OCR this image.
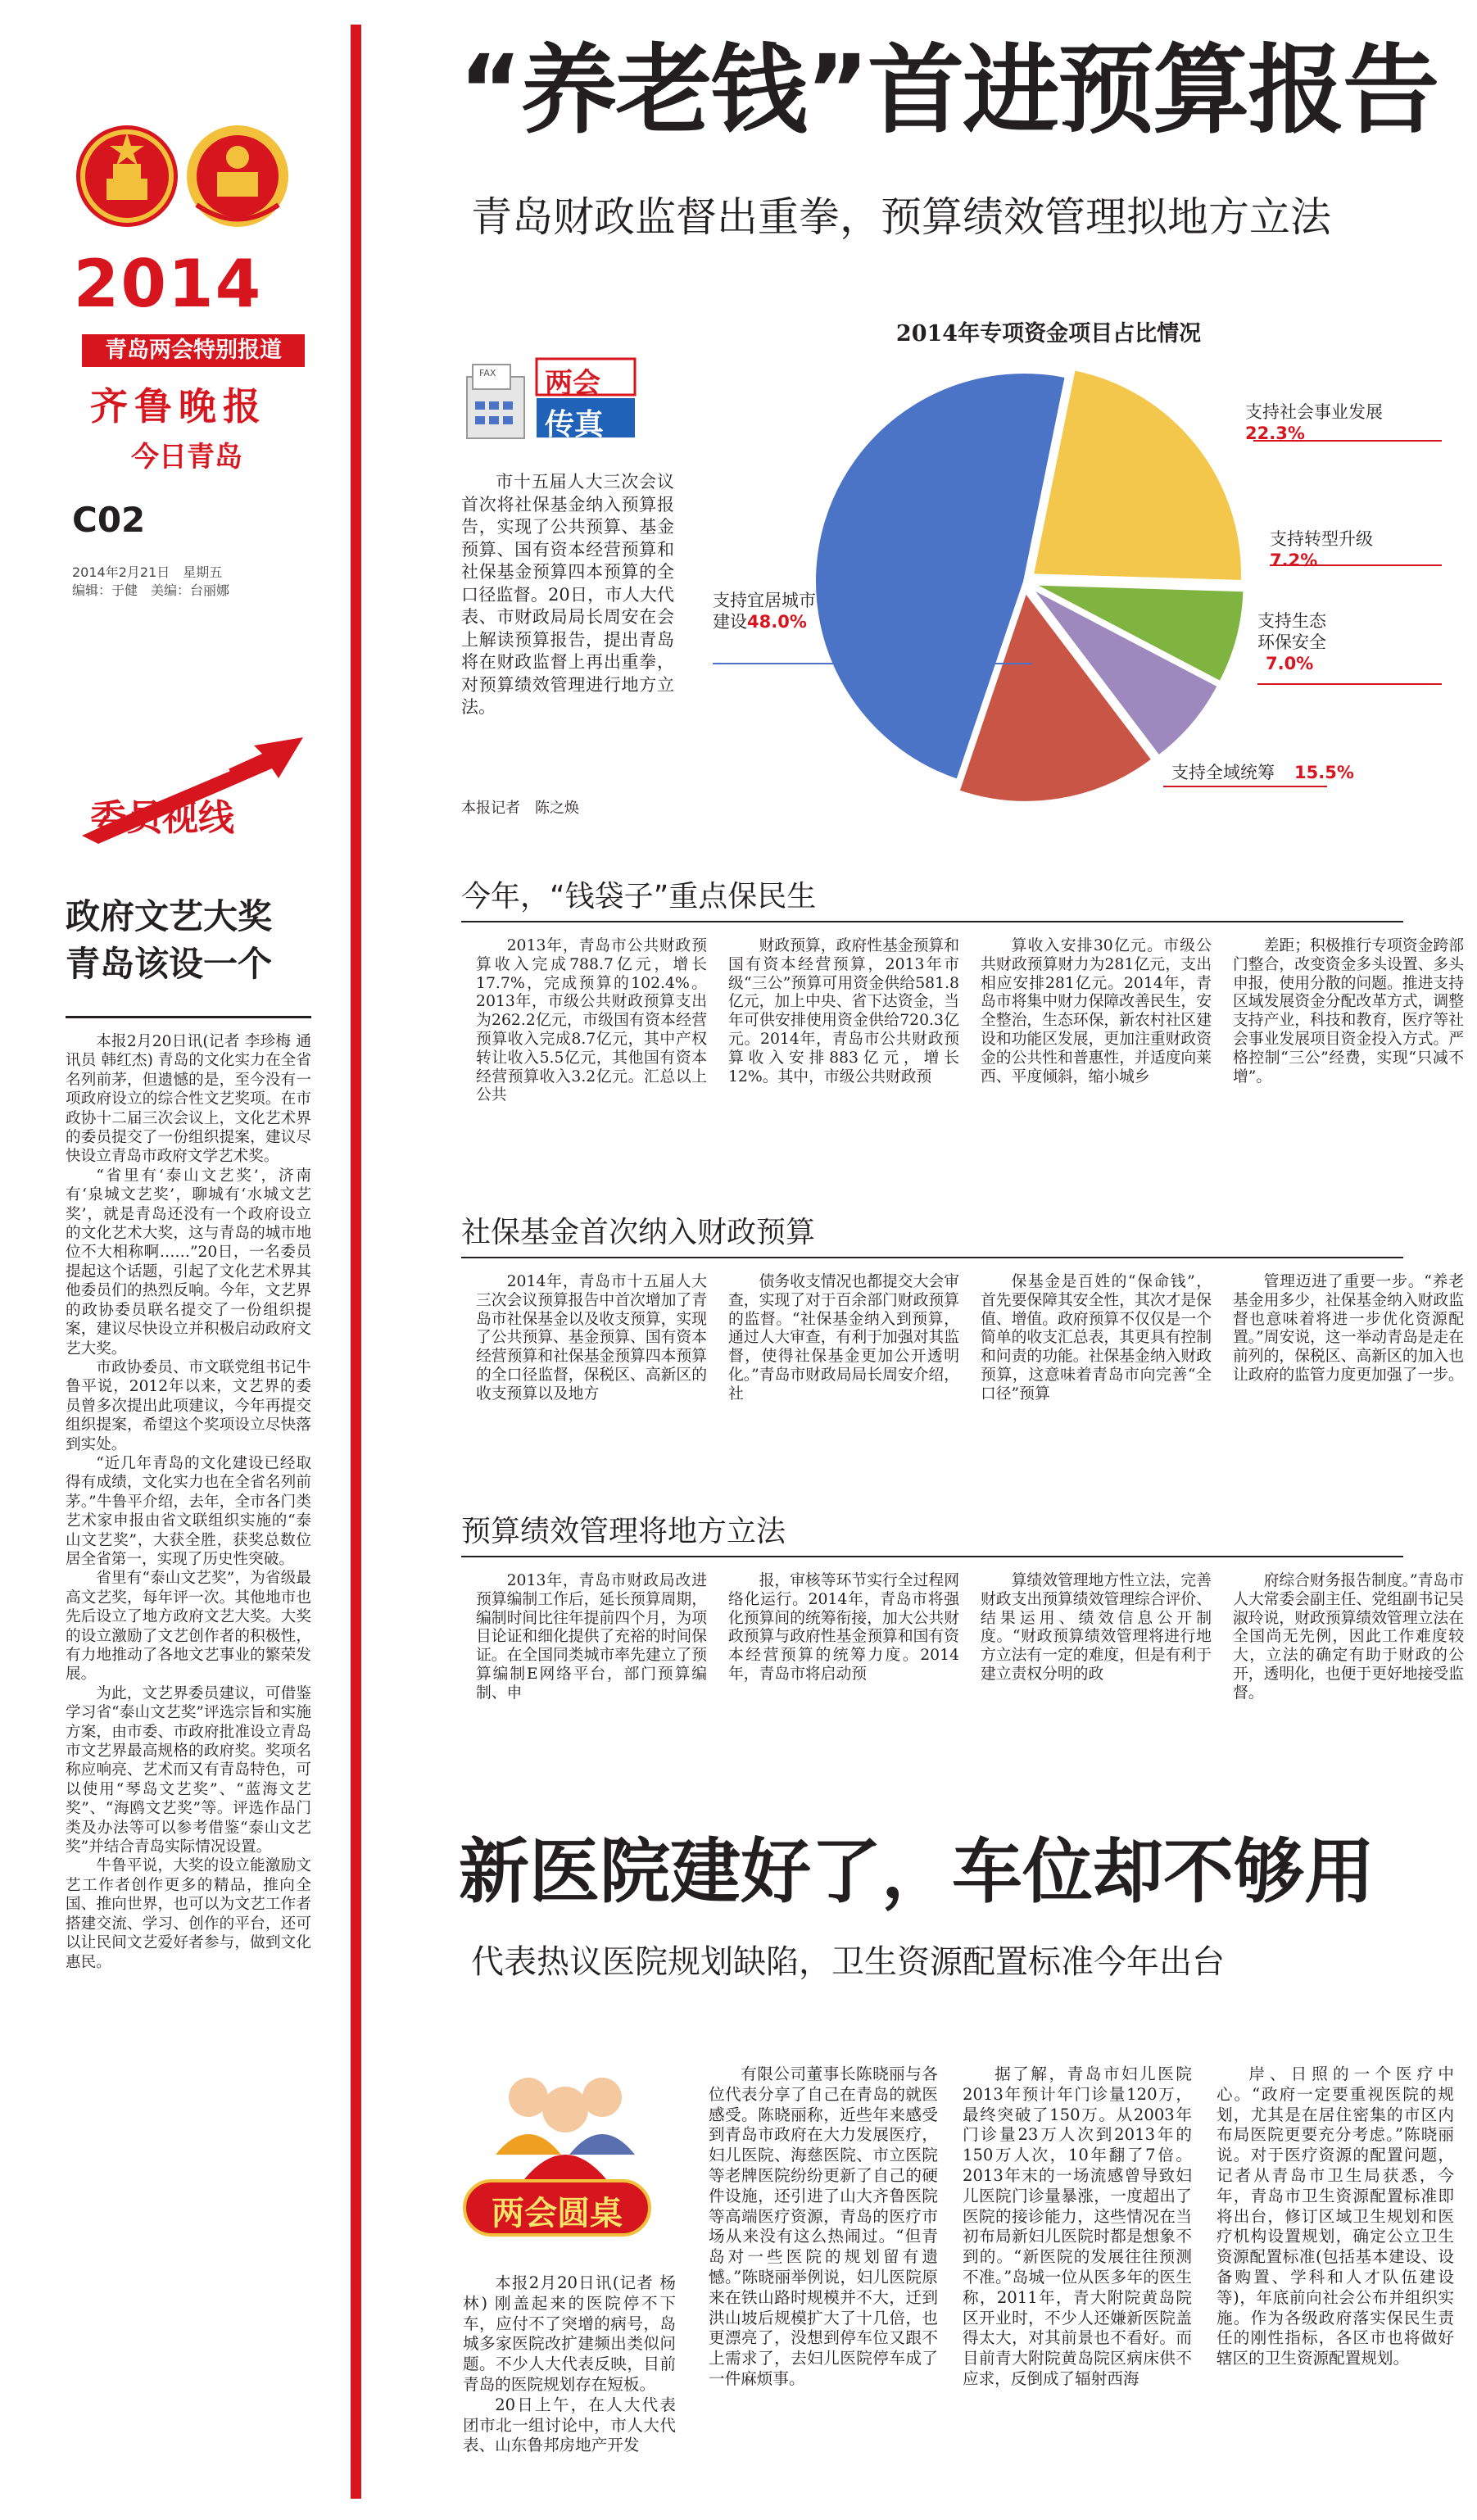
2014
青岛两会特别报道
齐鲁晚报
今日青岛
C02
2014年2月21日　星期五
编辑：于健　美编：台丽娜
委员视线
政府文艺大奖
青岛该设一个

本报2月20日讯(记者 李珍梅 通讯员 韩红杰) 青岛的文化实力在全省名列前茅，但遗憾的是，至今没有一项政府设立的综合性文艺奖项。在市政协十二届三次会议上，文化艺术界的委员提交了一份组织提案，建议尽快设立青岛市政府文学艺术奖。

“省里有‘泰山文艺奖’，济南有‘泉城文艺奖’，聊城有‘水城文艺奖’，就是青岛还没有一个政府设立的文化艺术大奖，这与青岛的城市地位不大相称啊……”20日，一名委员提起这个话题，引起了文化艺术界其他委员们的热烈反响。今年，文艺界的政协委员联名提交了一份组织提案，建议尽快设立并积极启动政府文艺大奖。

市政协委员、市文联党组书记牛鲁平说，2012年以来，文艺界的委员曾多次提出此项建议，今年再提交组织提案，希望这个奖项设立尽快落到实处。

“近几年青岛的文化建设已经取得有成绩，文化实力也在全省名列前茅。”牛鲁平介绍，去年，全市各门类艺术家申报由省文联组织实施的“泰山文艺奖”，大获全胜，获奖总数位居全省第一，实现了历史性突破。

省里有“泰山文艺奖”，为省级最高文艺奖，每年评一次。其他地市也先后设立了地方政府文艺大奖。大奖的设立激励了文艺创作者的积极性，有力地推动了各地文艺事业的繁荣发展。

为此，文艺界委员建议，可借鉴学习省“泰山文艺奖”评选宗旨和实施方案，由市委、市政府批准设立青岛市文艺界最高规格的政府奖。奖项名称应响亮、艺术而又有青岛特色，可以使用“琴岛文艺奖”、“蓝海文艺奖”、“海鸥文艺奖”等。评选作品门类及办法等可以参考借鉴“泰山文艺奖”并结合青岛实际情况设置。

牛鲁平说，大奖的设立能激励文艺工作者创作更多的精品，推向全国、推向世界，也可以为文艺工作者搭建交流、学习、创作的平台，还可以让民间文艺爱好者参与，做到文化惠民。

“养老钱”首进预算报告
青岛财政监督出重拳，预算绩效管理拟地方立法
FAX 两会
传真

市十五届人大三次会议首次将社保基金纳入预算报告，实现了公共预算、基金预算、国有资本经营预算和社保基金预算四本预算的全口径监督。20日，市人大代表、市财政局局长周安在会上解读预算报告，提出青岛将在财政监督上再出重拳，对预算绩效管理进行地方立法。

本报记者　陈之焕
2014年专项资金项目占比情况
支持社会事业发展
22.3%
支持转型升级
7.2%
支持生态环保安全
7.0%
支持全域统筹 15.5%
支持宜居城市建设 48.0%
今年，“钱袋子”重点保民生

2013年，青岛市公共财政预算收入完成788.7亿元，增长17.7%，完成预算的102.4%。2013年，市级公共财政预算支出为262.2亿元，市级国有资本经营预算收入完成8.7亿元，其中产权转让收入5.5亿元，其他国有资本经营预算收入3.2亿元。汇总以上公共

财政预算，政府性基金预算和国有资本经营预算，2013年市级“三公”预算可用资金供给581.8亿元，加上中央、省下达资金，当年可供安排使用资金供给720.3亿元。2014年，青岛市公共财政预算收入安排883亿元，增长12%。其中，市级公共财政预

算收入安排30亿元。市级公共财政预算财力为281亿元，支出相应安排281亿元。2014年，青岛市将集中财力保障改善民生，安全整治，生态环保，新农村社区建设和功能区发展，更加注重财政资金的公共性和普惠性，并适度向莱西、平度倾斜，缩小城乡

差距；积极推行专项资金跨部门整合，改变资金多头设置、多头申报，使用分散的问题。推进支持区域发展资金分配改革方式，调整支持产业，科技和教育，医疗等社会事业发展项目资金投入方式。严格控制“三公”经费，实现“只减不增”。

社保基金首次纳入财政预算

2014年，青岛市十五届人大三次会议预算报告中首次增加了青岛市社保基金以及收支预算，实现了公共预算、基金预算、国有资本经营预算和社保基金预算四本预算的全口径监督，保税区、高新区的收支预算以及地方

债务收支情况也都提交大会审查，实现了对于百余部门财政预算的监督。“社保基金纳入到预算，通过人大审查，有利于加强对其监督，使得社保基金更加公开透明化。”青岛市财政局局长周安介绍，社

保基金是百姓的“保命钱”，首先要保障其安全性，其次才是保值、增值。政府预算不仅仅是一个简单的收支汇总表，其更具有控制和问责的功能。社保基金纳入财政预算，这意味着青岛市向完善“全口径”预算

管理迈进了重要一步。“养老基金用多少，社保基金纳入财政监督也意味着将进一步优化资源配置。”周安说，这一举动青岛是走在前列的，保税区、高新区的加入也让政府的监管力度更加强了一步。

预算绩效管理将地方立法

2013年，青岛市财政局改进预算编制工作后，延长预算周期，编制时间比往年提前四个月，为项目论证和细化提供了充裕的时间保证。在全国同类城市率先建立了预算编制E网络平台，部门预算编制、申

报，审核等环节实行全过程网络化运行。2014年，青岛市将强化预算间的统筹衔接，加大公共财政预算与政府性基金预算和国有资本经营预算的统筹力度。2014年，青岛市将启动预

算绩效管理地方性立法，完善财政支出预算绩效管理综合评价、结果运用、绩效信息公开制度。“财政预算绩效管理将进行地方立法有一定的难度，但是有利于建立责权分明的政

府综合财务报告制度。”青岛市人大常委会副主任、党组副书记吴淑玲说，财政预算绩效管理立法在全国尚无先例，因此工作难度较大，立法的确定有助于财政的公开，透明化，也便于更好地接受监督。

新医院建好了，车位却不够用
代表热议医院规划缺陷，卫生资源配置标准今年出台
两会圆桌

本报2月20日讯(记者 杨林) 刚盖起来的医院停不下车，应付不了突增的病号，岛城多家医院改扩建频出类似问题。不少人大代表反映，目前青岛的医院规划存在短板。

20日上午，在人大代表团市北一组讨论中，市人大代表、山东鲁邦房地产开发

有限公司董事长陈晓丽与各位代表分享了自己在青岛的就医感受。陈晓丽称，近些年来感受到青岛市政府在大力发展医疗，妇儿医院、海慈医院、市立医院等老牌医院纷纷更新了自己的硬件设施，还引进了山大齐鲁医院等高端医疗资源，青岛的医疗市场从来没有这么热闹过。“但青岛对一些医院的规划留有遗憾。”陈晓丽举例说，妇儿医院原来在铁山路时规模并不大，迁到洪山坡后规模扩大了十几倍，也更漂亮了，没想到停车位又跟不上需求了，去妇儿医院停车成了一件麻烦事。

据了解，青岛市妇儿医院2013年预计年门诊量120万，最终突破了150万。从2003年门诊量23万人次到2013年的150万人次，10年翻了7倍。2013年末的一场流感曾导致妇儿医院门诊量暴涨，一度超出了医院的接诊能力，这些情况在当初布局新妇儿医院时都是想象不到的。“新医院的发展往往预测不准。”岛城一位从医多年的医生称，2011年，青大附院黄岛院区开业时，不少人还嫌新医院盖得太大，对其前景也不看好。而目前青大附院黄岛院区病床供不应求，反倒成了辐射西海

岸、日照的一个医疗中心。“政府一定要重视医院的规划，尤其是在居住密集的市区内布局医院更要充分考虑。”陈晓丽说。对于医疗资源的配置问题，记者从青岛市卫生局获悉，今年，青岛市卫生资源配置标准即将出台，修订区域卫生规划和医疗机构设置规划，确定公立卫生资源配置标准(包括基本建设、设备购置、学科和人才队伍建设等)，年底前向社会公布并组织实施。作为各级政府落实保民生责任的刚性指标，各区市也将做好辖区的卫生资源配置规划。
